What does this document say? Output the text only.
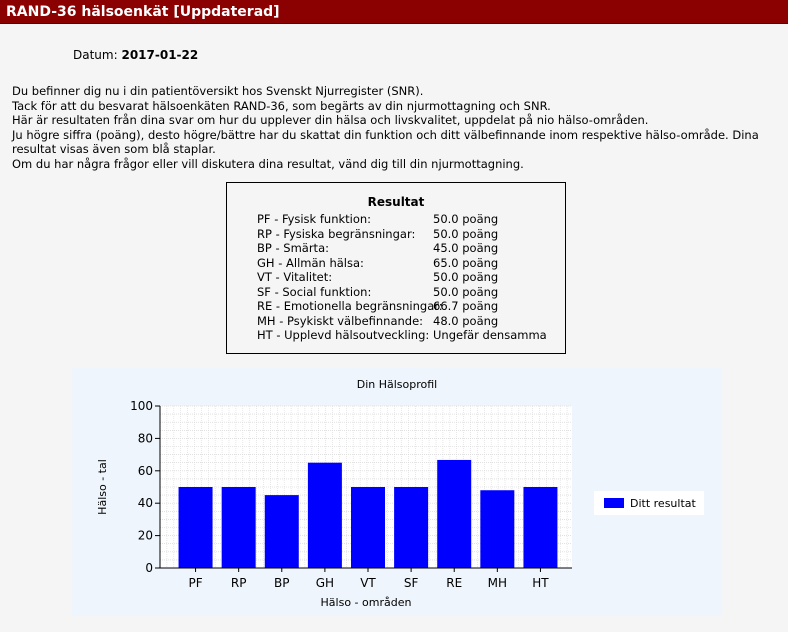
RAND-36 hälsoenkät [Uppdaterad]
Datum: 2017-01-22
Du befinner dig nu i din patientöversikt hos Svenskt Njurregister (SNR).
Tack för att du besvarat hälsoenkäten RAND-36, som begärts av din njurmottagning och SNR.
Här är resultaten från dina svar om hur du upplever din hälsa och livskvalitet, uppdelat på nio hälso-områden.
Ju högre siffra (poäng), desto högre/bättre har du skattat din funktion och ditt välbefinnande inom respektive hälso-område. Dina resultat visas även som blå staplar.
Om du har några frågor eller vill diskutera dina resultat, vänd dig till din njurmottagning.
Resultat
PF - Fysisk funktion:	50.0 poäng
RP - Fysiska begränsningar: 50.0 poäng
BP - Smärta:	45.0 poäng
GH - Allmän hälsa:	65.0 poäng
VT - Vitalitet:	50.0 poäng
SF - Social funktion:	50.0 poäng
RE - Emotionella begränsningar:
66.7 poäng
MH - Psykiskt välbefinnande: 48.0 poäng
HT - Upplevd hälsoutveckling: Ungefär densamma
Din Hälsoprofil
0
20
40
60
80
100
PF RP BP GH VT SF RE MH HT
Hälso - tal
Hälso - områden
Ditt resultat
